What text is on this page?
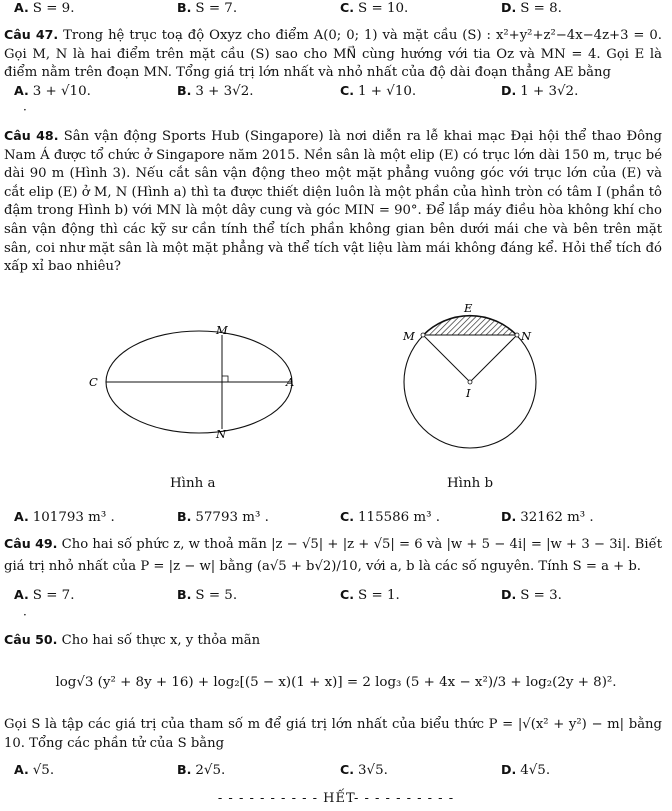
A. S = 9.	B. S = 7.	C. S = 10.	D. S = 8.
Câu 47. Trong hệ trục toạ độ Oxyz cho điểm A(0; 0; 1) và mặt cầu (S) : x²+y²+z²−4x−4z+3 = 0. Gọi M, N là hai điểm trên mặt cầu (S) sao cho MN⃗ cùng hướng với tia Oz và MN = 4. Gọi E là điểm nằm trên đoạn MN. Tổng giá trị lớn nhất và nhỏ nhất của độ dài đoạn thẳng AE bằng
A. 3 + √10.	B. 3 + 3√2.	C. 1 + √10.	D. 1 + 3√2.
·
Câu 48. Sân vận động Sports Hub (Singapore) là nơi diễn ra lễ khai mạc Đại hội thể thao Đông Nam Á được tổ chức ở Singapore năm 2015. Nền sân là một elip (E) có trục lớn dài 150 m, trục bé dài 90 m (Hình 3). Nếu cắt sân vận động theo một mặt phẳng vuông góc với trục lớn của (E) và cắt elip (E) ở M, N (Hình a) thì ta được thiết diện luôn là một phần của hình tròn có tâm I (phần tô đậm trong Hình b) với MN là một dây cung và góc MIN = 90°. Để lắp máy điều hòa không khí cho sân vận động thì các kỹ sư cần tính thể tích phần không gian bên dưới mái che và bên trên mặt sân, coi như mặt sân là một mặt phẳng và thể tích vật liệu làm mái không đáng kể. Hỏi thể tích đó xấp xỉ bao nhiêu?
M
N
C	A
Hình a
E
M	N
I
Hình b
A. 101793 m³ .	B. 57793 m³ .	C. 115586 m³ .	D. 32162 m³ .
Câu 49. Cho hai số phức z, w thoả mãn |z − √5| + |z + √5| = 6 và |w + 5 − 4i| = |w + 3 − 3i|. Biết giá trị nhỏ nhất của P = |z − w| bằng (a√5 + b√2)/10, với a, b là các số nguyên. Tính S = a + b.
A. S = 7.	B. S = 5.	C. S = 1.	D. S = 3.
·
Câu 50. Cho hai số thực x, y thỏa mãn
log√3 (y² + 8y + 16) + log₂[(5 − x)(1 + x)] = 2 log₃ (5 + 4x − x²)/3 + log₂(2y + 8)².
Gọi S là tập các giá trị của tham số m để giá trị lớn nhất của biểu thức P = |√(x² + y²) − m| bằng 10. Tổng các phần tử của S bằng
A. √5.	B. 2√5.	C. 3√5.	D. 4√5.
- - - - - - - - - - HẾT- - - - - - - - - -
